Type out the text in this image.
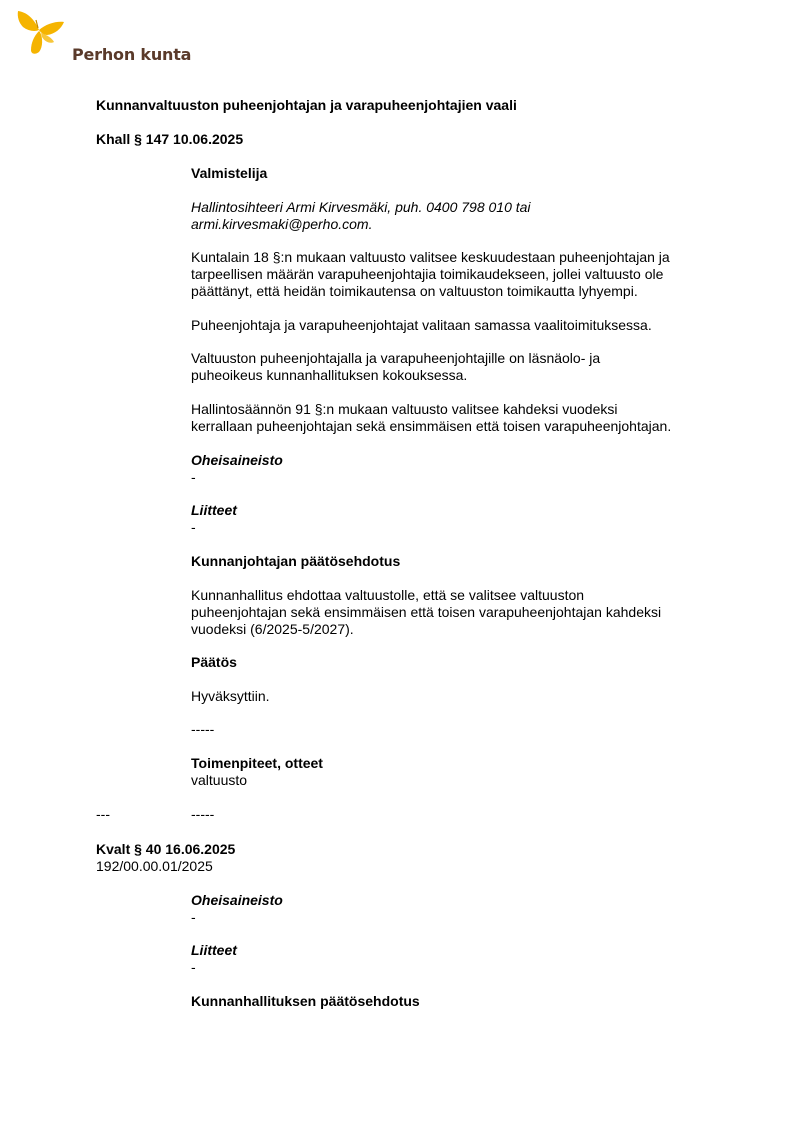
Perhon kunta
Kunnanvaltuuston puheenjohtajan ja varapuheenjohtajien vaali
Khall § 147 10.06.2025
Valmistelija
Hallintosihteeri Armi Kirvesmäki, puh. 0400 798 010 tai
armi.kirvesmaki@perho.com.
Kuntalain 18 §:n mukaan valtuusto valitsee keskuudestaan puheenjohtajan ja
tarpeellisen määrän varapuheenjohtajia toimikaudekseen, jollei valtuusto ole
päättänyt, että heidän toimikautensa on valtuuston toimikautta lyhyempi.
Puheenjohtaja ja varapuheenjohtajat valitaan samassa vaalitoimituksessa.
Valtuuston puheenjohtajalla ja varapuheenjohtajille on läsnäolo- ja
puheoikeus kunnanhallituksen kokouksessa.
Hallintosäännön 91 §:n mukaan valtuusto valitsee kahdeksi vuodeksi
kerrallaan puheenjohtajan sekä ensimmäisen että toisen varapuheenjohtajan.
Oheisaineisto
-
Liitteet
-
Kunnanjohtajan päätösehdotus
Kunnanhallitus ehdottaa valtuustolle, että se valitsee valtuuston
puheenjohtajan sekä ensimmäisen että toisen varapuheenjohtajan kahdeksi
vuodeksi (6/2025-5/2027).
Päätös
Hyväksyttiin.
-----
Toimenpiteet, otteet
valtuusto
---	-----
Kvalt § 40 16.06.2025
192/00.00.01/2025
Oheisaineisto
-
Liitteet
-
Kunnanhallituksen päätösehdotus
